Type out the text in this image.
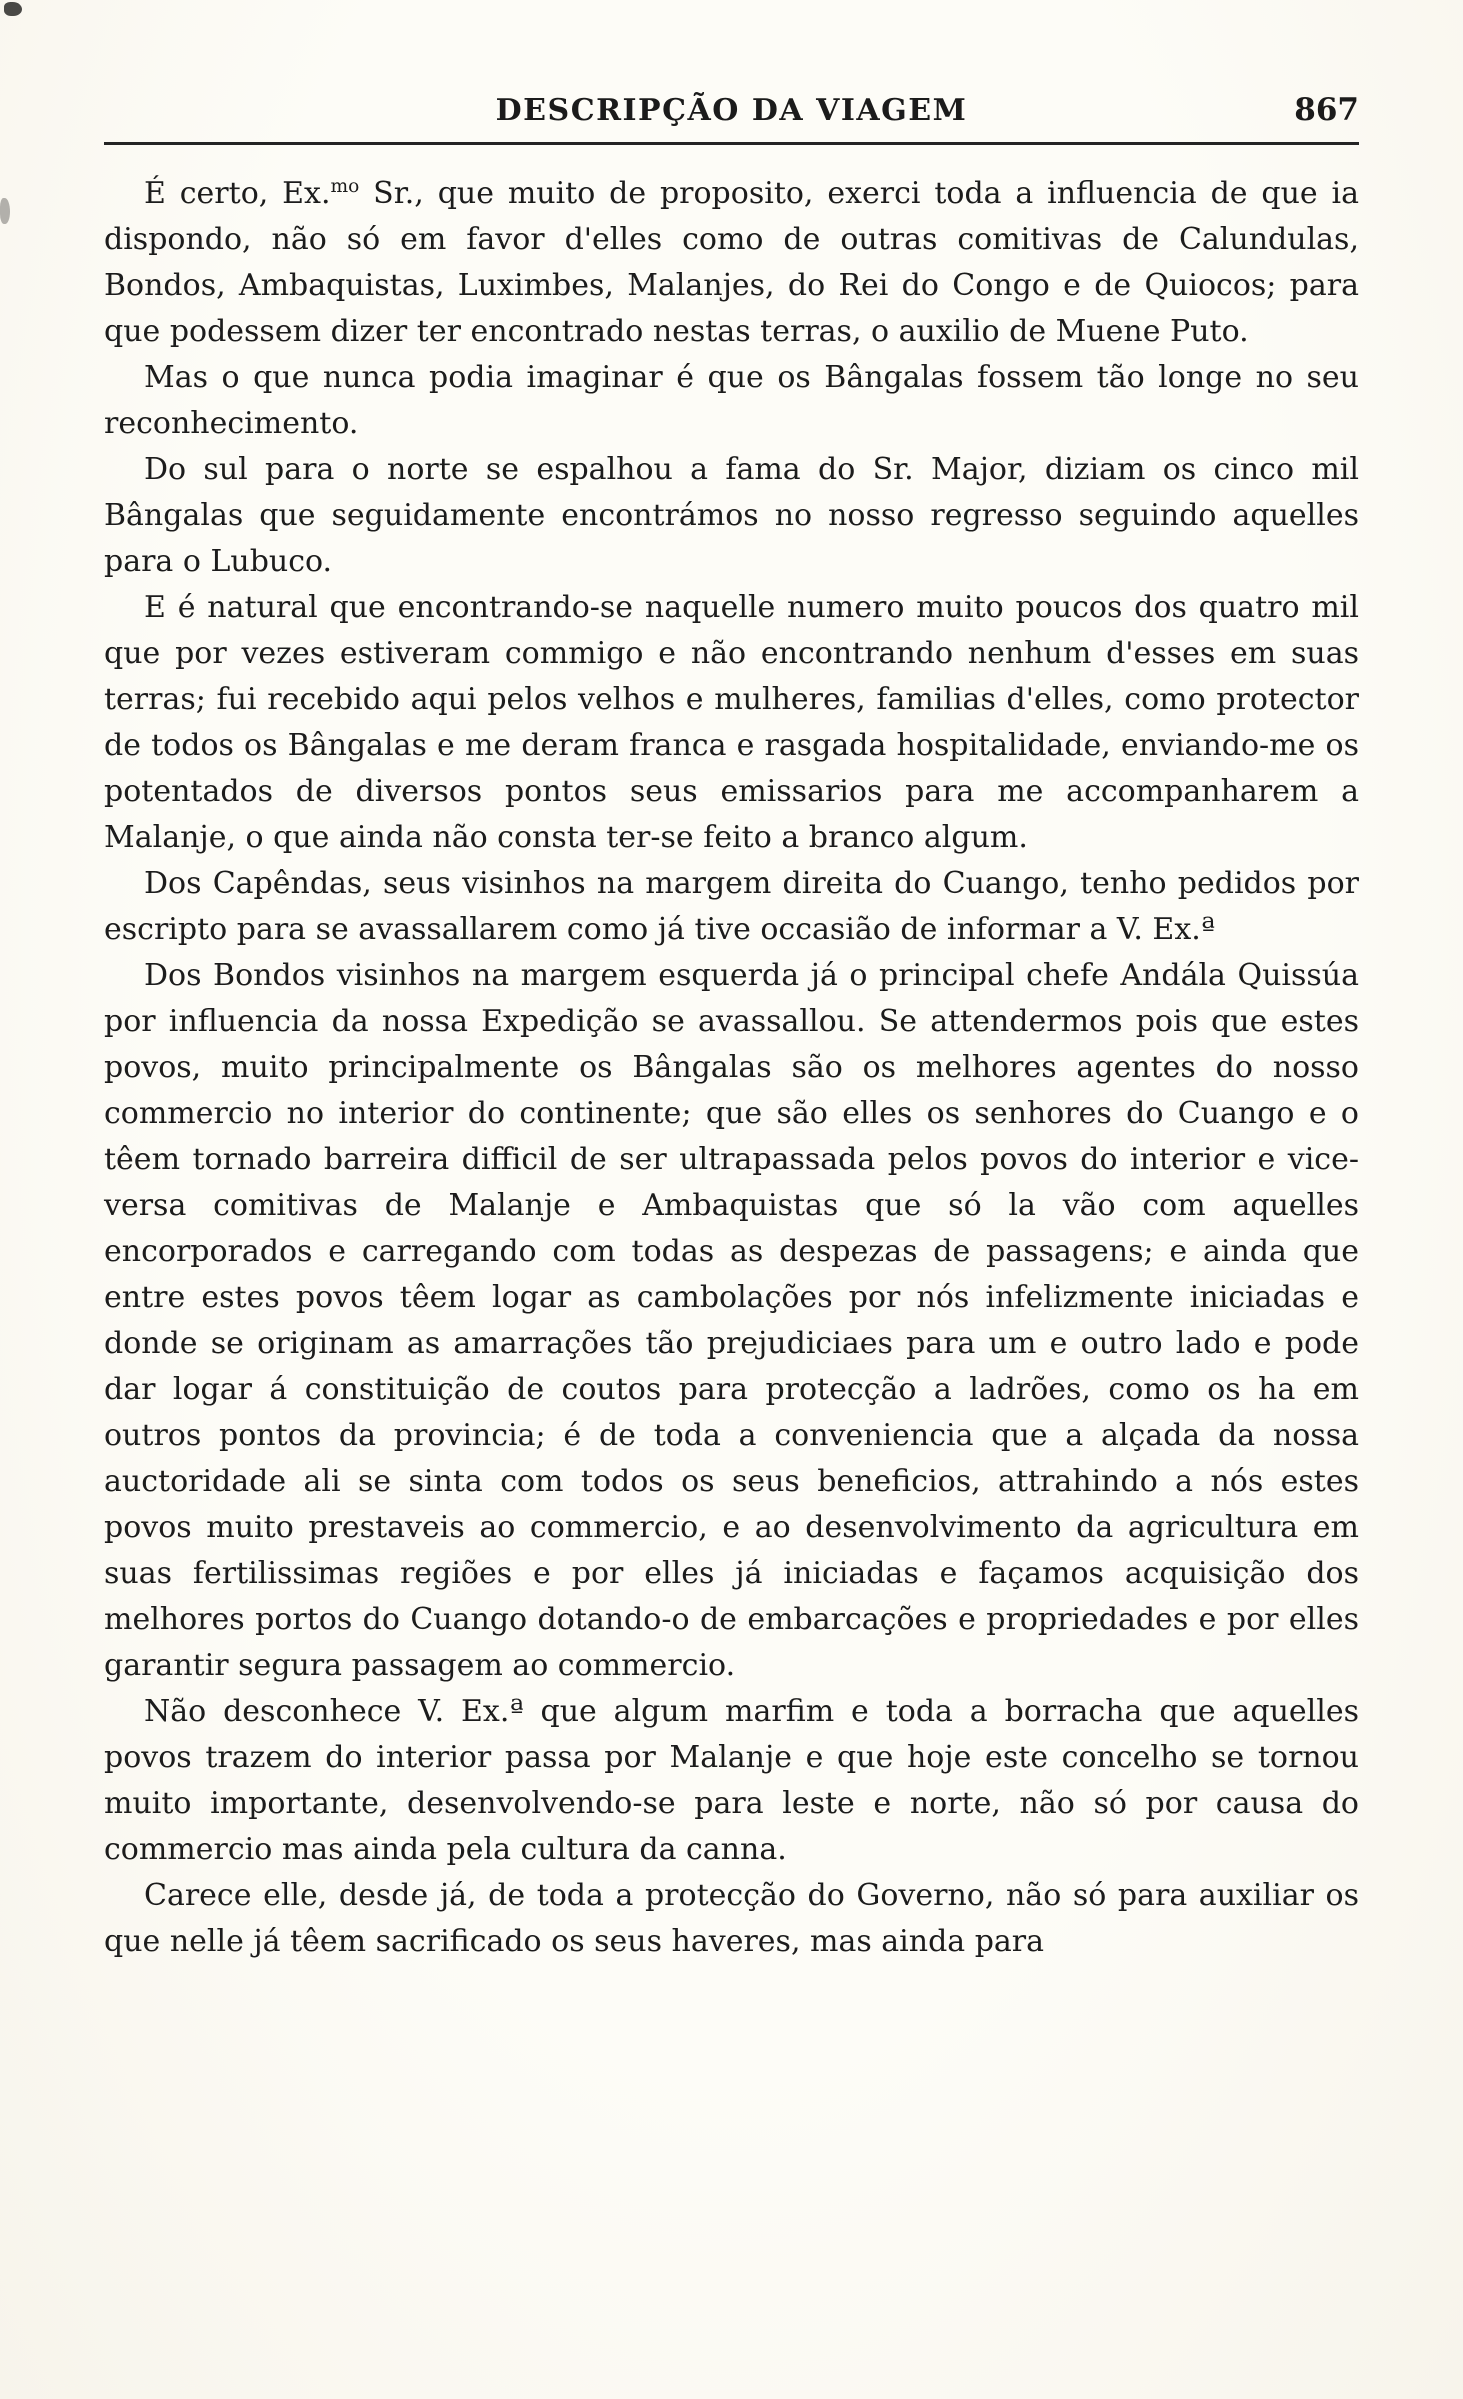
DESCRIPÇÃO DA VIAGEM	867

É certo, Ex.$^{mo}$ Sr., que muito de proposito, exerci toda a influencia de que ia dispondo, não só em favor d'elles como de outras comitivas de Calundulas, Bondos, Ambaquistas, Luximbes, Malanjes, do Rei do Congo e de Quiocos; para que podessem dizer ter encontrado nestas terras, o auxilio de Muene Puto.

Mas o que nunca podia imaginar é que os Bângalas fossem tão longe no seu reconhecimento.

Do sul para o norte se espalhou a fama do Sr. Major, diziam os cinco mil Bângalas que seguidamente encontrámos no nosso regresso seguindo aquelles para o Lubuco.

E é natural que encontrando-se naquelle numero muito poucos dos quatro mil que por vezes estiveram commigo e não encontrando nenhum d'esses em suas terras; fui recebido aqui pelos velhos e mulheres, familias d'elles, como protector de todos os Bângalas e me deram franca e rasgada hospitalidade, enviando-me os potentados de diversos pontos seus emissarios para me accompanharem a Malanje, o que ainda não consta ter-se feito a branco algum.

Dos Capêndas, seus visinhos na margem direita do Cuango, tenho pedidos por escripto para se avassallarem como já tive occasião de informar a V. Ex.ª

Dos Bondos visinhos na margem esquerda já o principal chefe Andála Quissúa por influencia da nossa Expedição se avassallou. Se attendermos pois que estes povos, muito principalmente os Bângalas são os melhores agentes do nosso commercio no interior do continente; que são elles os senhores do Cuango e o têem tornado barreira difficil de ser ultrapassada pelos povos do interior e vice-versa comitivas de Malanje e Ambaquistas que só la vão com aquelles encorporados e carregando com todas as despezas de passagens; e ainda que entre estes povos têem logar as cambolações por nós infelizmente iniciadas e donde se originam as amarrações tão prejudiciaes para um e outro lado e pode dar logar á constituição de coutos para protecção a ladrões, como os ha em outros pontos da provincia; é de toda a conveniencia que a alçada da nossa auctoridade ali se sinta com todos os seus beneficios, attrahindo a nós estes povos muito prestaveis ao commercio, e ao desenvolvimento da agricultura em suas fertilissimas regiões e por elles já iniciadas e façamos acquisição dos melhores portos do Cuango dotando-o de embarcações e propriedades e por elles garantir segura passagem ao commercio.

Não desconhece V. Ex.ª que algum marfim e toda a borracha que aquelles povos trazem do interior passa por Malanje e que hoje este concelho se tornou muito importante, desenvolvendo-se para leste e norte, não só por causa do commercio mas ainda pela cultura da canna.

Carece elle, desde já, de toda a protecção do Governo, não só para auxiliar os que nelle já têem sacrificado os seus haveres, mas ainda para
